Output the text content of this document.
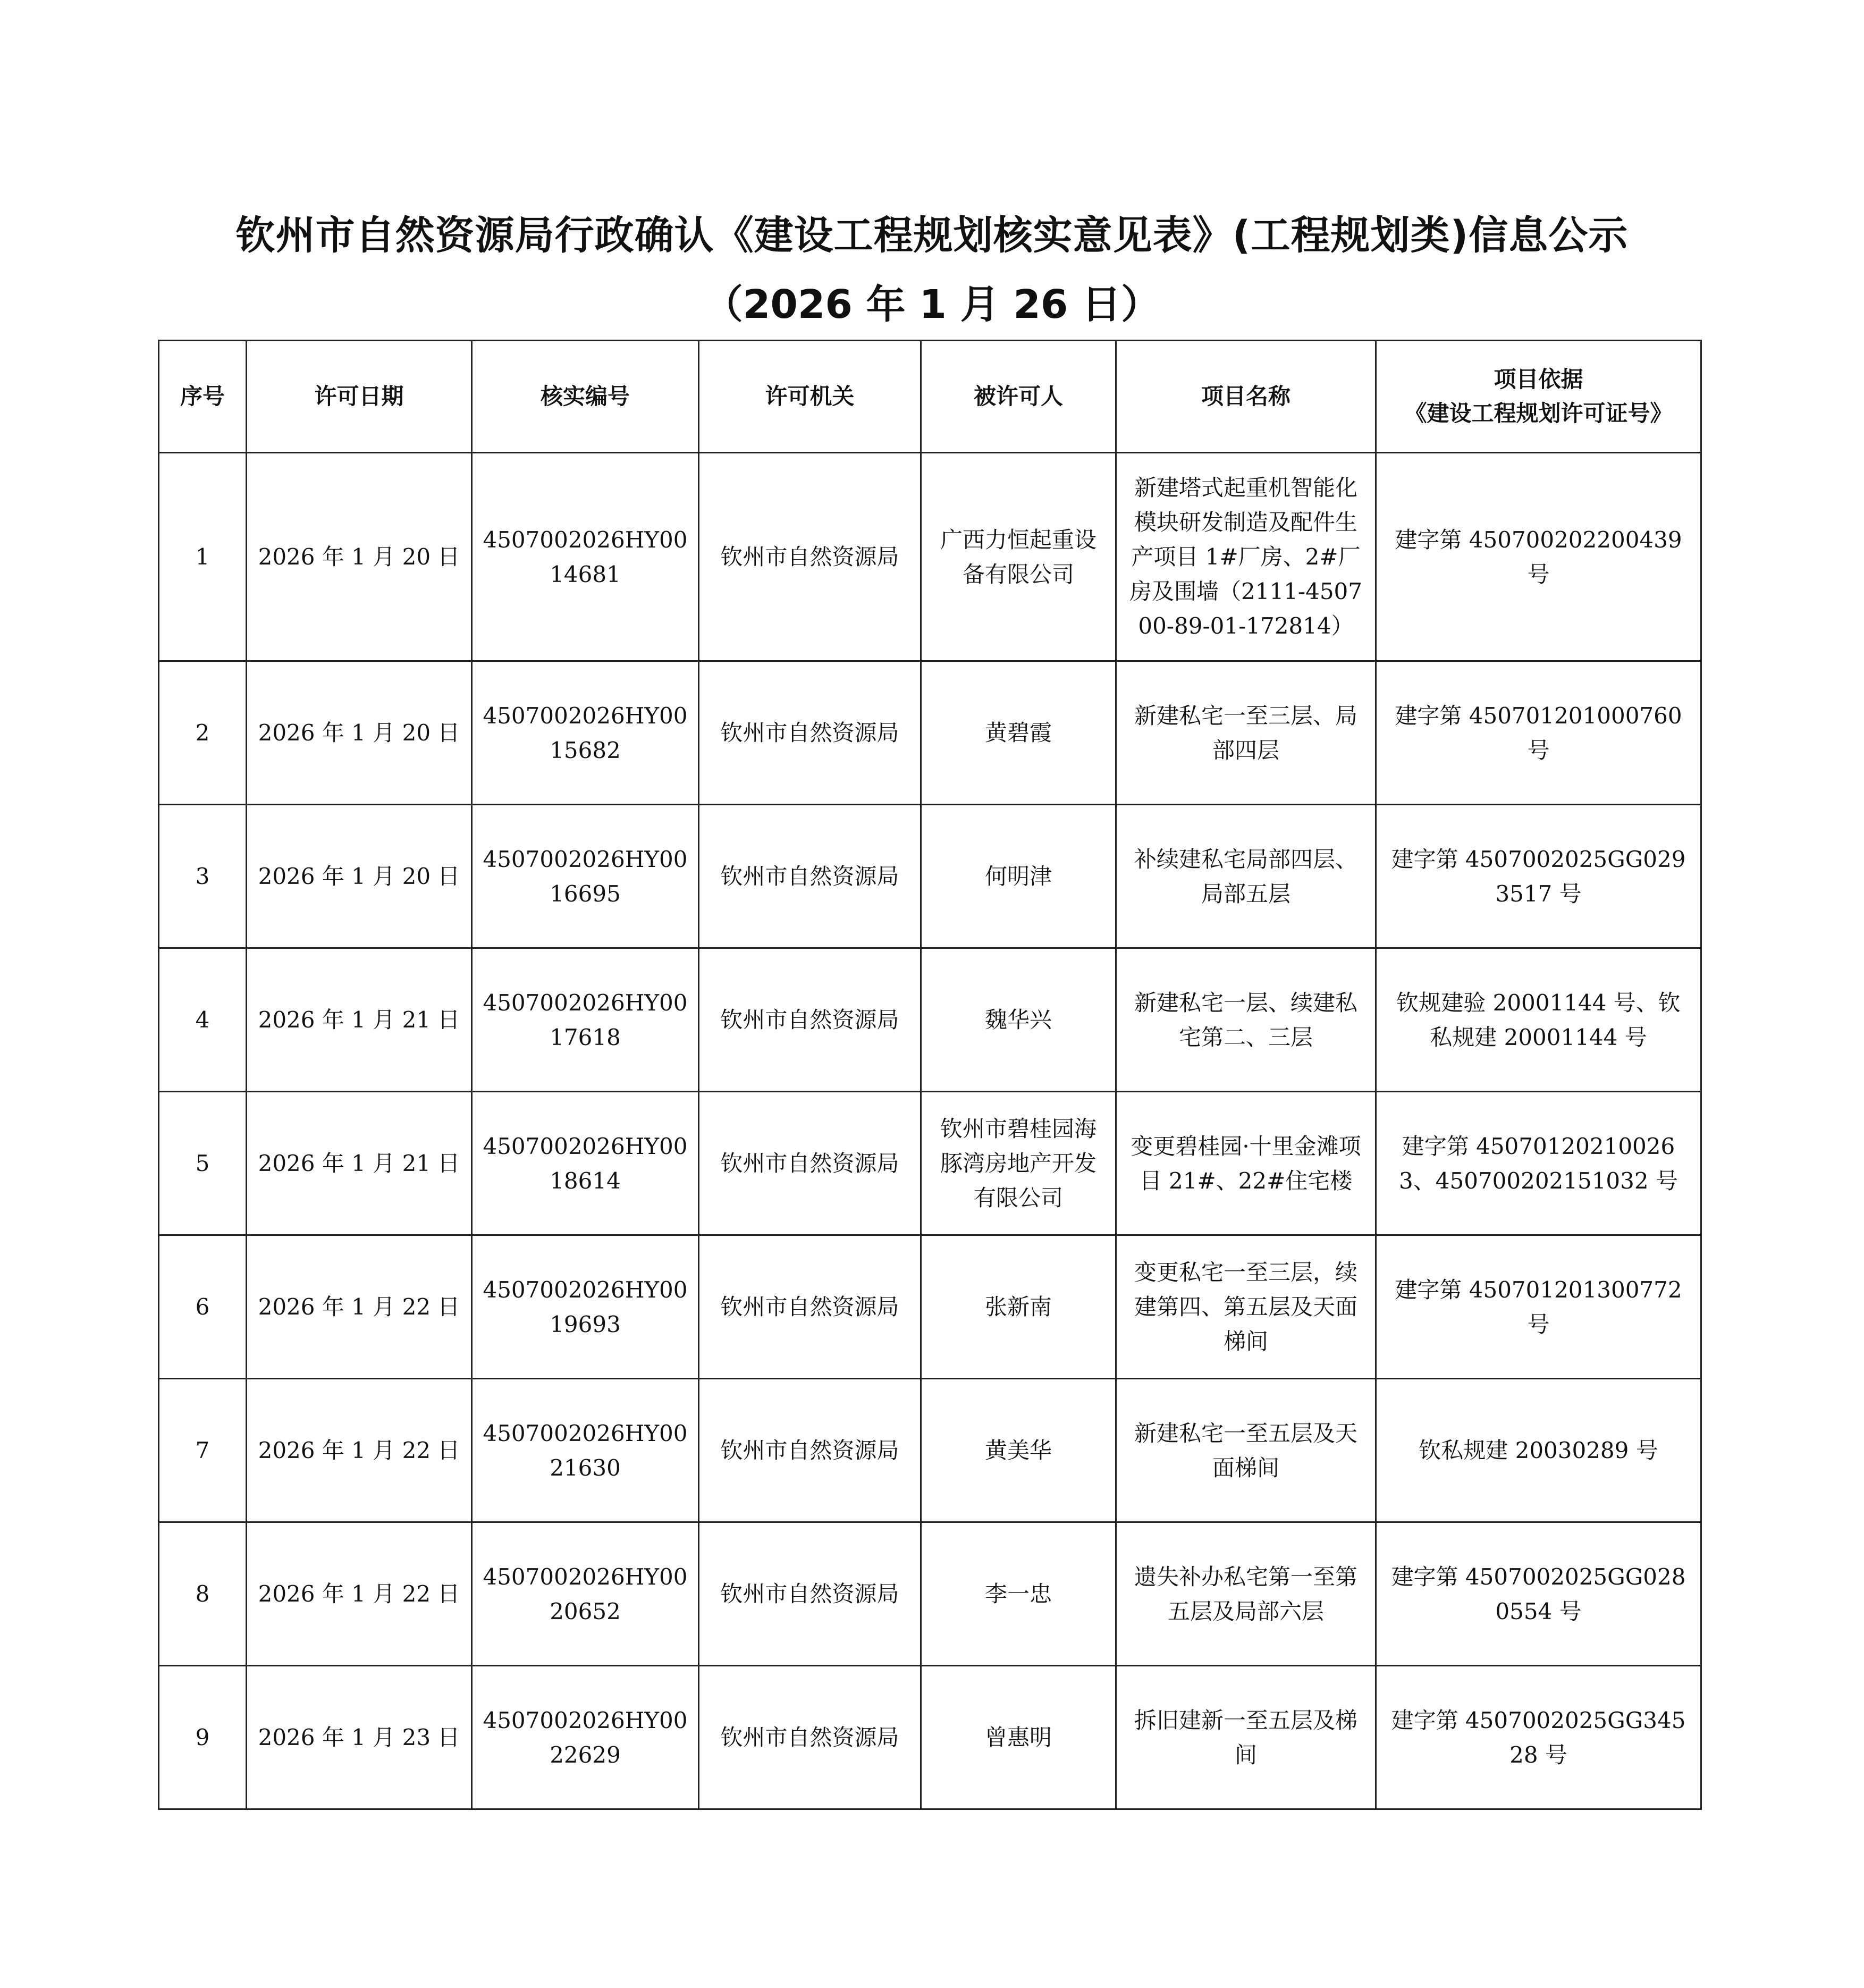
钦州市自然资源局行政确认《建设工程规划核实意见表》(工程规划类)信息公示
（2026 年 1 月 26 日）
序号	许可日期	核实编号	许可机关	被许可人	项目名称	项目依据
《建设工程规划许可证号》
1	2026 年 1 月 20 日	4507002026HY0014681	钦州市自然资源局	广西力恒起重设备有限公司	新建塔式起重机智能化模块研发制造及配件生产项目 1#厂房、2#厂房及围墙（2111-450700-89-01-172814）	建字第 450700202200439 号
2	2026 年 1 月 20 日	4507002026HY0015682	钦州市自然资源局	黄碧霞	新建私宅一至三层、局部四层	建字第 450701201000760 号
3	2026 年 1 月 20 日	4507002026HY0016695	钦州市自然资源局	何明津	补续建私宅局部四层、局部五层	建字第 4507002025GG0293517 号
4	2026 年 1 月 21 日	4507002026HY0017618	钦州市自然资源局	魏华兴	新建私宅一层、续建私宅第二、三层	钦规建验 20001144 号、钦私规建 20001144 号
5	2026 年 1 月 21 日	4507002026HY0018614	钦州市自然资源局	钦州市碧桂园海豚湾房地产开发有限公司	变更碧桂园·十里金滩项目 21#、22#住宅楼	建字第 450701202100263、450700202151032 号
6	2026 年 1 月 22 日	4507002026HY0019693	钦州市自然资源局	张新南	变更私宅一至三层，续建第四、第五层及天面梯间	建字第 450701201300772 号
7	2026 年 1 月 22 日	4507002026HY0021630	钦州市自然资源局	黄美华	新建私宅一至五层及天面梯间	钦私规建 20030289 号
8	2026 年 1 月 22 日	4507002026HY0020652	钦州市自然资源局	李一忠	遗失补办私宅第一至第五层及局部六层	建字第 4507002025GG0280554 号
9	2026 年 1 月 23 日	4507002026HY0022629	钦州市自然资源局	曾惠明	拆旧建新一至五层及梯间	建字第 4507002025GG34528 号
